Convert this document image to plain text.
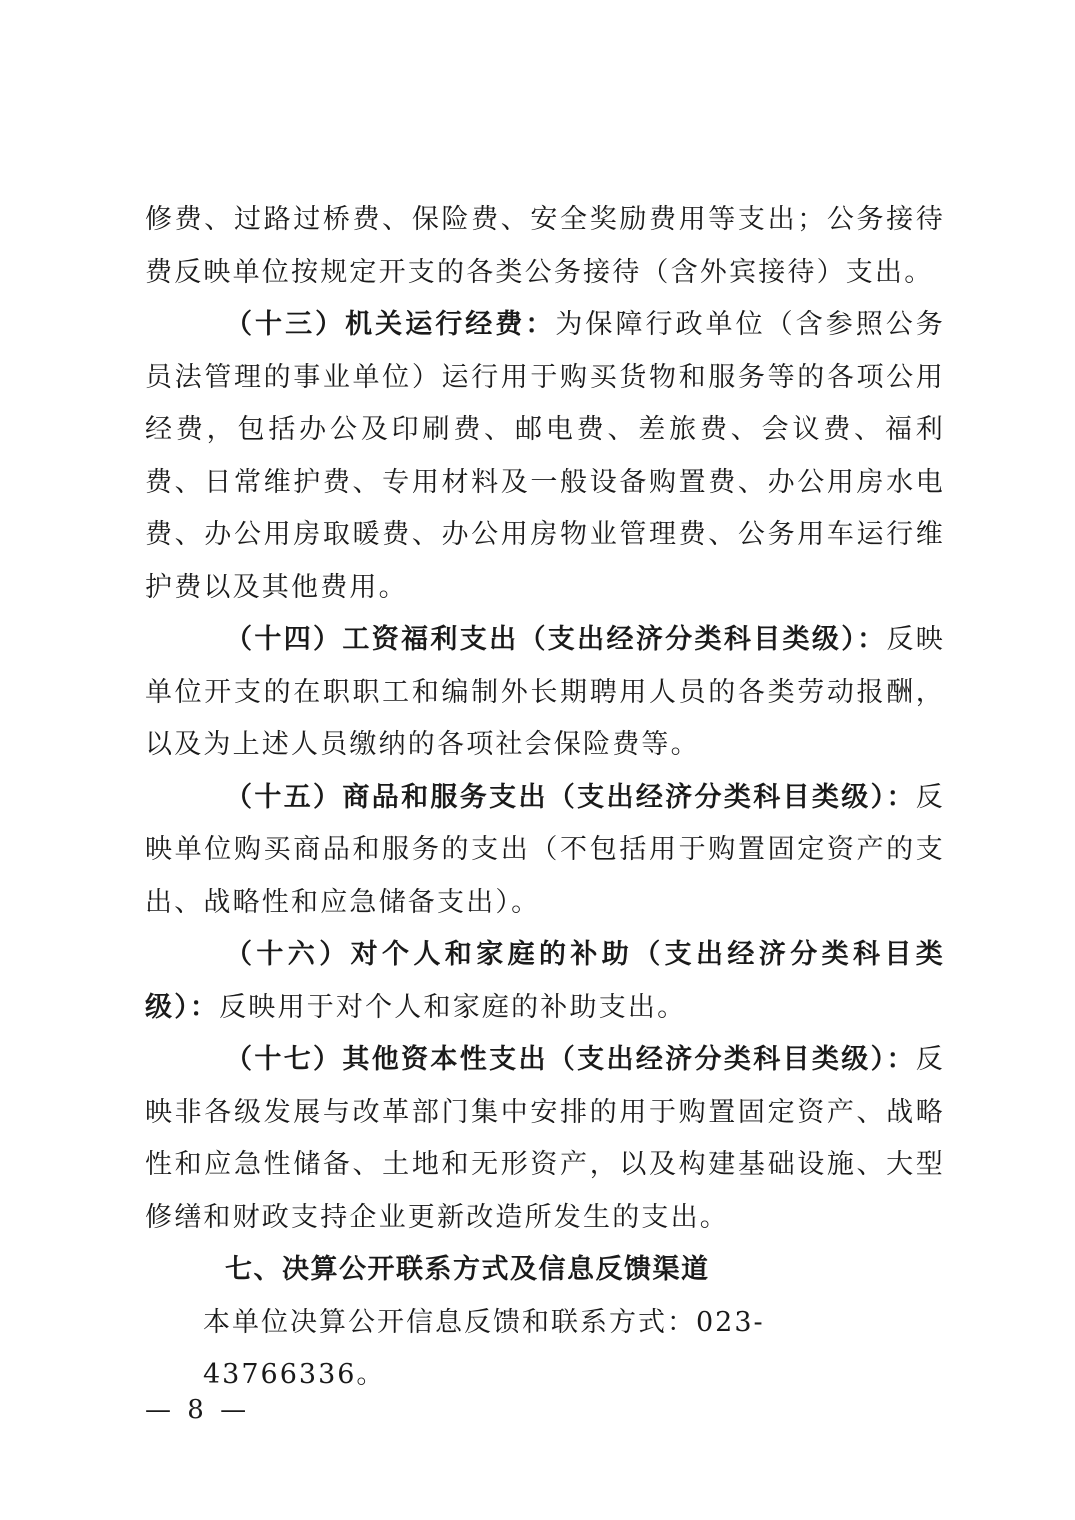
修费、过路过桥费、保险费、安全奖励费用等支出；公务接待费反映单位按规定开支的各类公务接待（含外宾接待）支出。

（十三）机关运行经费：为保障行政单位（含参照公务员法管理的事业单位）运行用于购买货物和服务等的各项公用经费，包括办公及印刷费、邮电费、差旅费、会议费、福利费、日常维护费、专用材料及一般设备购置费、办公用房水电费、办公用房取暖费、办公用房物业管理费、公务用车运行维护费以及其他费用。

（十四）工资福利支出（支出经济分类科目类级）：反映单位开支的在职职工和编制外长期聘用人员的各类劳动报酬，以及为上述人员缴纳的各项社会保险费等。

（十五）商品和服务支出（支出经济分类科目类级）：反映单位购买商品和服务的支出（不包括用于购置固定资产的支出、战略性和应急储备支出）。

（十六）对个人和家庭的补助（支出经济分类科目类级）：反映用于对个人和家庭的补助支出。

（十七）其他资本性支出（支出经济分类科目类级）：反映非各级发展与改革部门集中安排的用于购置固定资产、战略性和应急性储备、土地和无形资产，以及构建基础设施、大型修缮和财政支持企业更新改造所发生的支出。

七、决算公开联系方式及信息反馈渠道

本单位决算公开信息反馈和联系方式：023-43766336。

— 8 —
